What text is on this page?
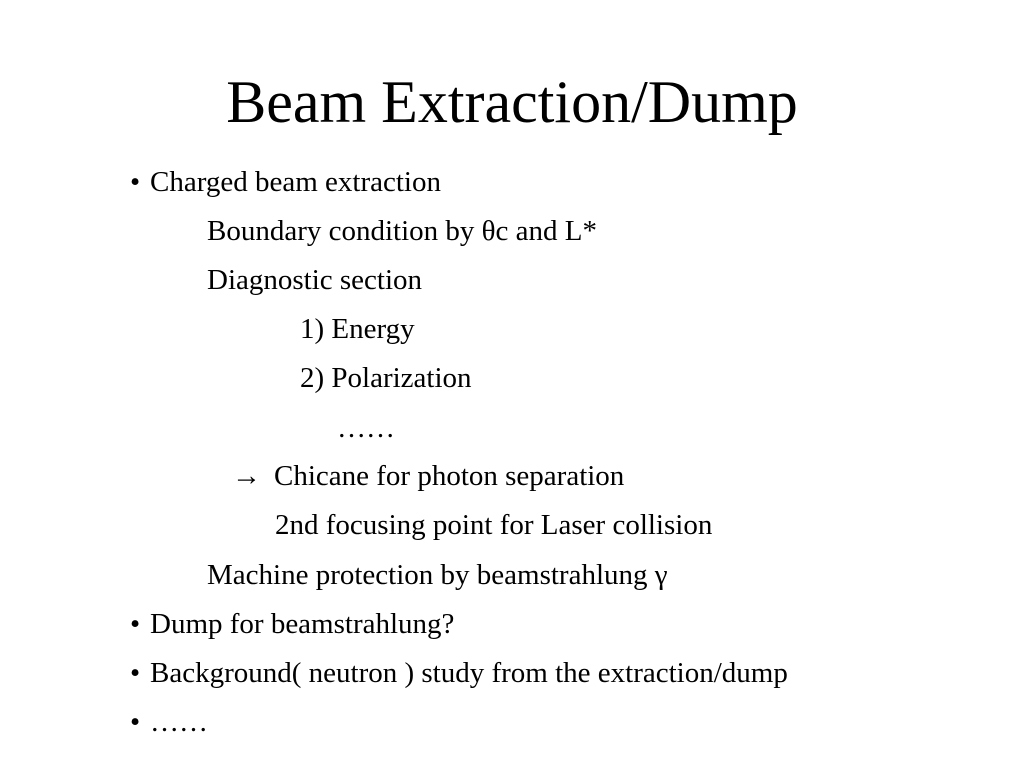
Beam Extraction/Dump
• Charged beam extraction
Boundary condition by θc and L*
Diagnostic section
1) Energy
2) Polarization
……
→ Chicane for photon separation
2nd focusing point for Laser collision
Machine protection by beamstrahlung γ
• Dump for beamstrahlung?
• Background( neutron ) study from the extraction/dump
• ……
